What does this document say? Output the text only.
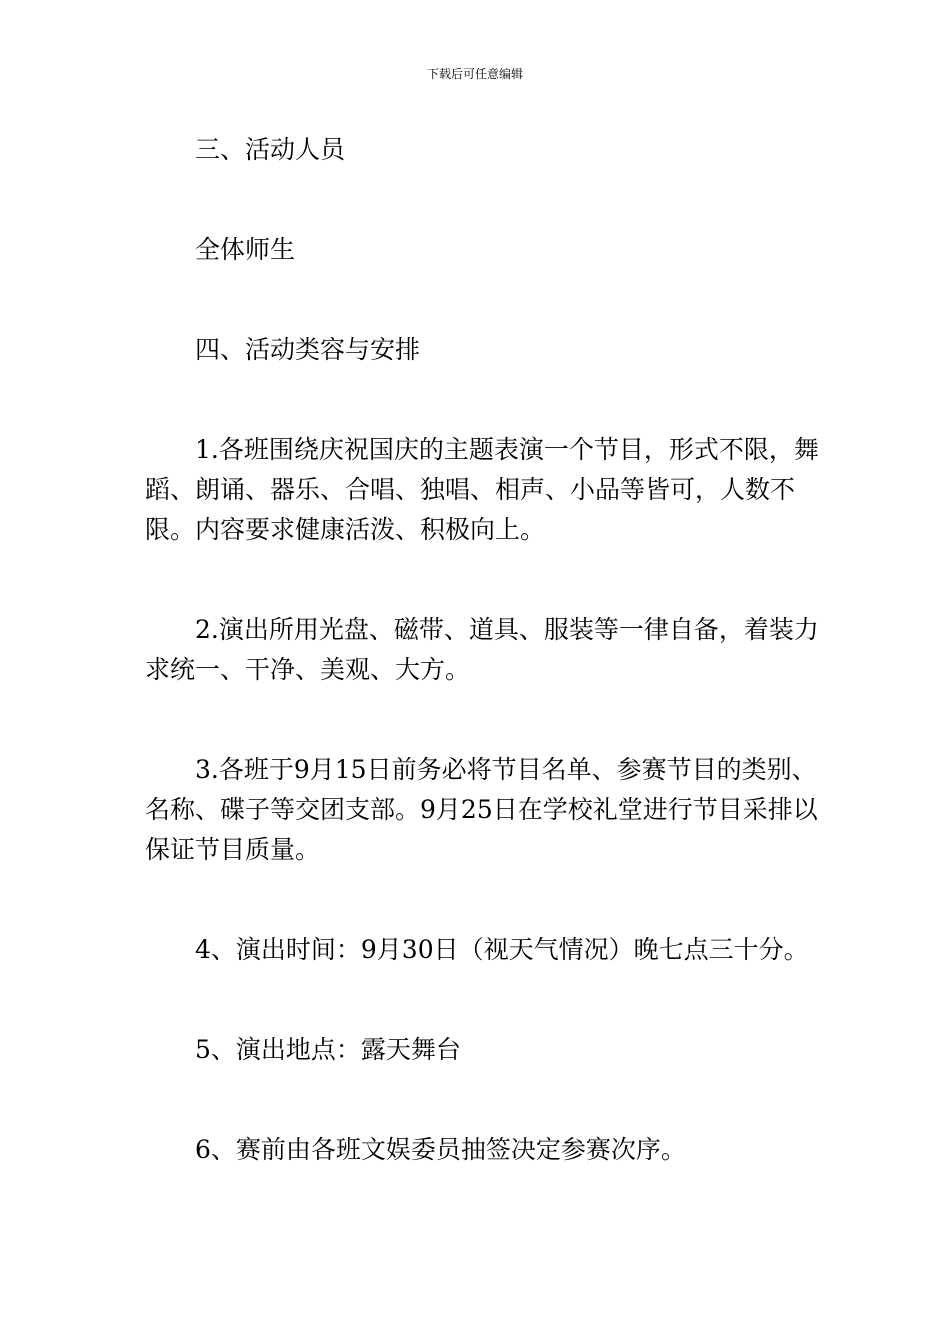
下载后可任意编辑

三、活动人员

全体师生

四、活动类容与安排

1.各班围绕庆祝国庆的主题表演一个节目，形式不限，舞蹈、朗诵、器乐、合唱、独唱、相声、小品等皆可，人数不限。内容要求健康活泼、积极向上。

2.演出所用光盘、磁带、道具、服装等一律自备，着装力求统一、干净、美观、大方。

3.各班于9月15日前务必将节目名单、参赛节目的类别、名称、碟子等交团支部。9月25日在学校礼堂进行节目采排以保证节目质量。

4、演出时间：9月30日（视天气情况）晚七点三十分。

5、演出地点：露天舞台

6、赛前由各班文娱委员抽签决定参赛次序。
